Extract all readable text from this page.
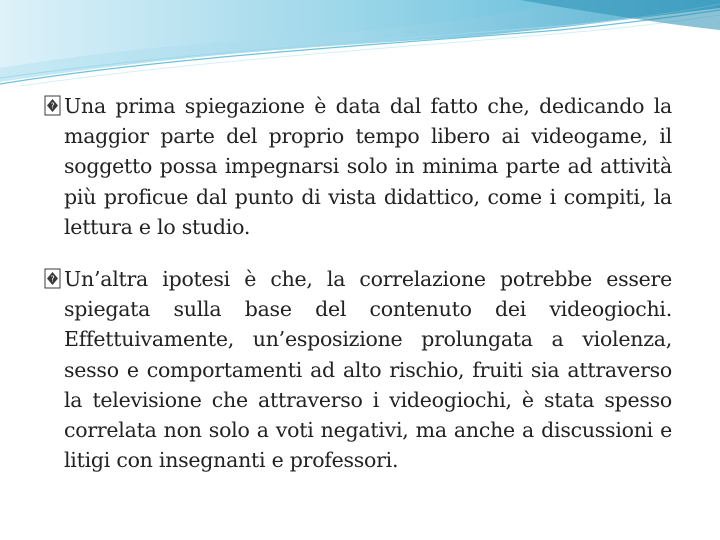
? Una prima spiegazione è data dal fatto che, dedicando la maggior parte del proprio tempo libero ai videogame, il soggetto possa impegnarsi solo in minima parte ad attività più proficue dal punto di vista didattico, come i compiti, la lettura e lo studio.

? Un’altra ipotesi è che, la correlazione potrebbe essere spiegata sulla base del contenuto dei videogiochi. Effettuivamente, un’esposizione prolungata a violenza, sesso e comportamenti ad alto rischio, fruiti sia attraverso la televisione che attraverso i videogiochi, è stata spesso correlata non solo a voti negativi, ma anche a discussioni e litigi con insegnanti e professori.
